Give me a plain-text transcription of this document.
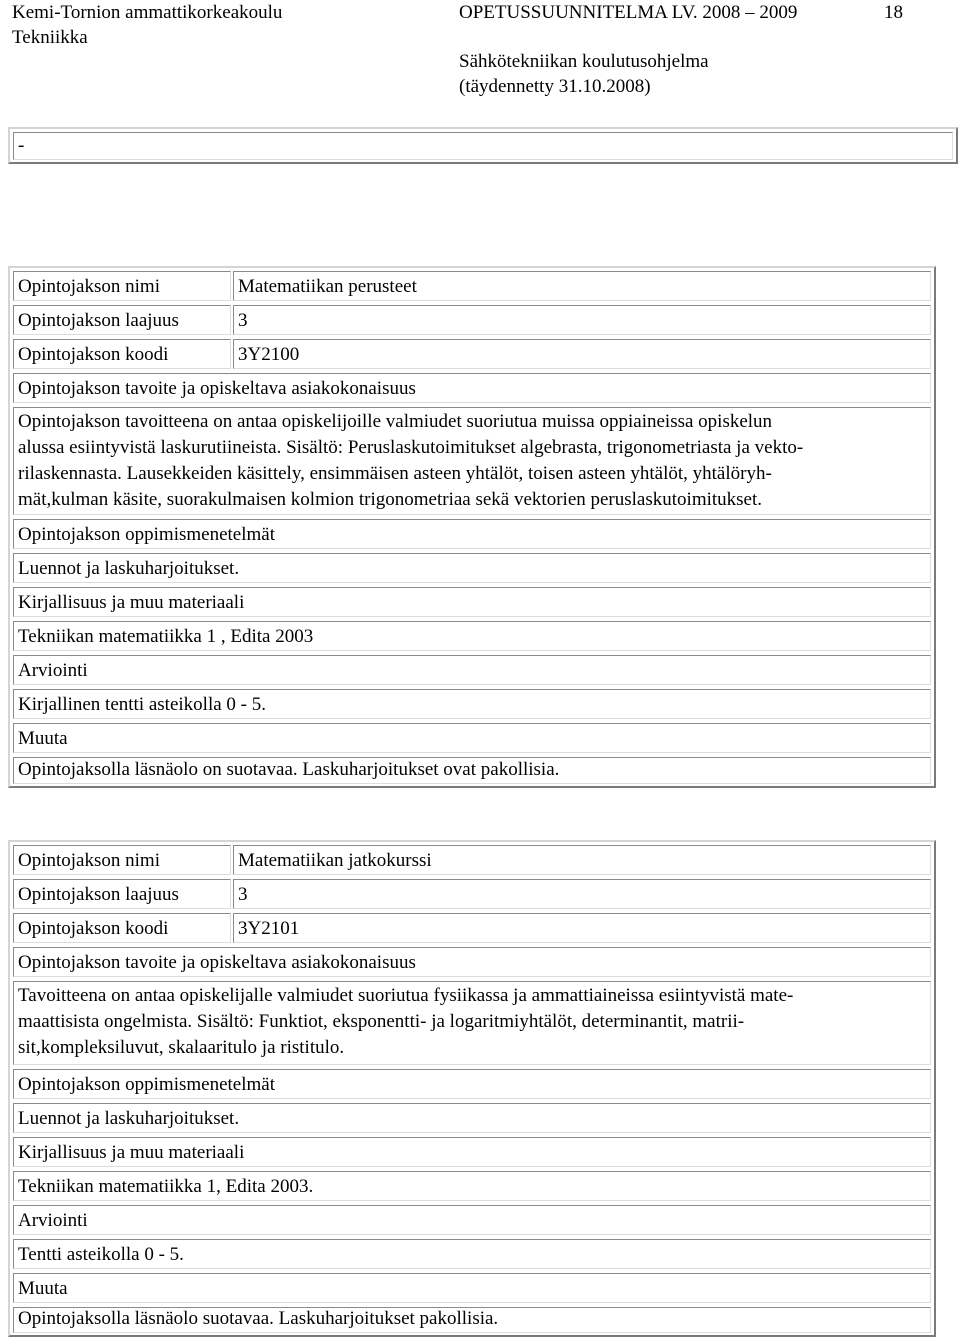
Kemi-Tornion ammattikorkeakoulu
Tekniikka
OPETUSSUUNNITELMA LV. 2008 – 2009	18
Sähkötekniikan koulutusohjelma
(täydennetty 31.10.2008)
-
Opintojakson nimi	Matematiikan perusteet
Opintojakson laajuus	3
Opintojakson koodi	3Y2100
Opintojakson tavoite ja opiskeltava asiakokonaisuus
Opintojakson tavoitteena on antaa opiskelijoille valmiudet suoriutua muissa oppiaineissa opiskelun
alussa esiintyvistä laskurutiineista. Sisältö: Peruslaskutoimitukset algebrasta, trigonometriasta ja vekto-
rilaskennasta. Lausekkeiden käsittely, ensimmäisen asteen yhtälöt, toisen asteen yhtälöt, yhtälöryh-
mät,kulman käsite, suorakulmaisen kolmion trigonometriaa sekä vektorien peruslaskutoimitukset.
Opintojakson oppimismenetelmät
Luennot ja laskuharjoitukset.
Kirjallisuus ja muu materiaali
Tekniikan matematiikka 1 , Edita 2003
Arviointi
Kirjallinen tentti asteikolla 0 - 5.
Muuta
Opintojaksolla läsnäolo on suotavaa. Laskuharjoitukset ovat pakollisia.
Opintojakson nimi	Matematiikan jatkokurssi
Opintojakson laajuus	3
Opintojakson koodi	3Y2101
Opintojakson tavoite ja opiskeltava asiakokonaisuus
Tavoitteena on antaa opiskelijalle valmiudet suoriutua fysiikassa ja ammattiaineissa esiintyvistä mate-
maattisista ongelmista. Sisältö: Funktiot, eksponentti- ja logaritmiyhtälöt, determinantit, matrii-
sit,kompleksiluvut, skalaaritulo ja ristitulo.
Opintojakson oppimismenetelmät
Luennot ja laskuharjoitukset.
Kirjallisuus ja muu materiaali
Tekniikan matematiikka 1, Edita 2003.
Arviointi
Tentti asteikolla 0 - 5.
Muuta
Opintojaksolla läsnäolo suotavaa. Laskuharjoitukset pakollisia.
